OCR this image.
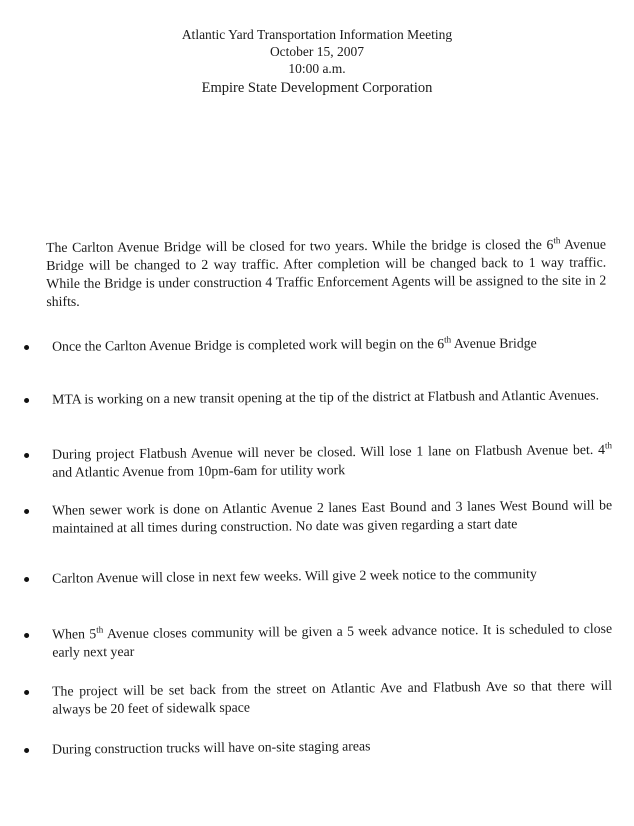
Atlantic Yard Transportation Information Meeting
October 15, 2007
10:00 a.m.
Empire State Development Corporation
The Carlton Avenue Bridge will be closed for two years. While the bridge is closed the 6th Avenue Bridge will be changed to 2 way traffic. After completion will be changed back to 1 way traffic. While the Bridge is under construction 4 Traffic Enforcement Agents will be assigned to the site in 2 shifts.
Once the Carlton Avenue Bridge is completed work will begin on the 6th Avenue Bridge
MTA is working on a new transit opening at the tip of the district at Flatbush and Atlantic Avenues.
During project Flatbush Avenue will never be closed. Will lose 1 lane on Flatbush Avenue bet. 4th and Atlantic Avenue from 10pm-6am for utility work
When sewer work is done on Atlantic Avenue 2 lanes East Bound and 3 lanes West Bound will be maintained at all times during construction. No date was given regarding a start date
Carlton Avenue will close in next few weeks. Will give 2 week notice to the community
When 5th Avenue closes community will be given a 5 week advance notice. It is scheduled to close early next year
The project will be set back from the street on Atlantic Ave and Flatbush Ave so that there will always be 20 feet of sidewalk space
During construction trucks will have on-site staging areas
